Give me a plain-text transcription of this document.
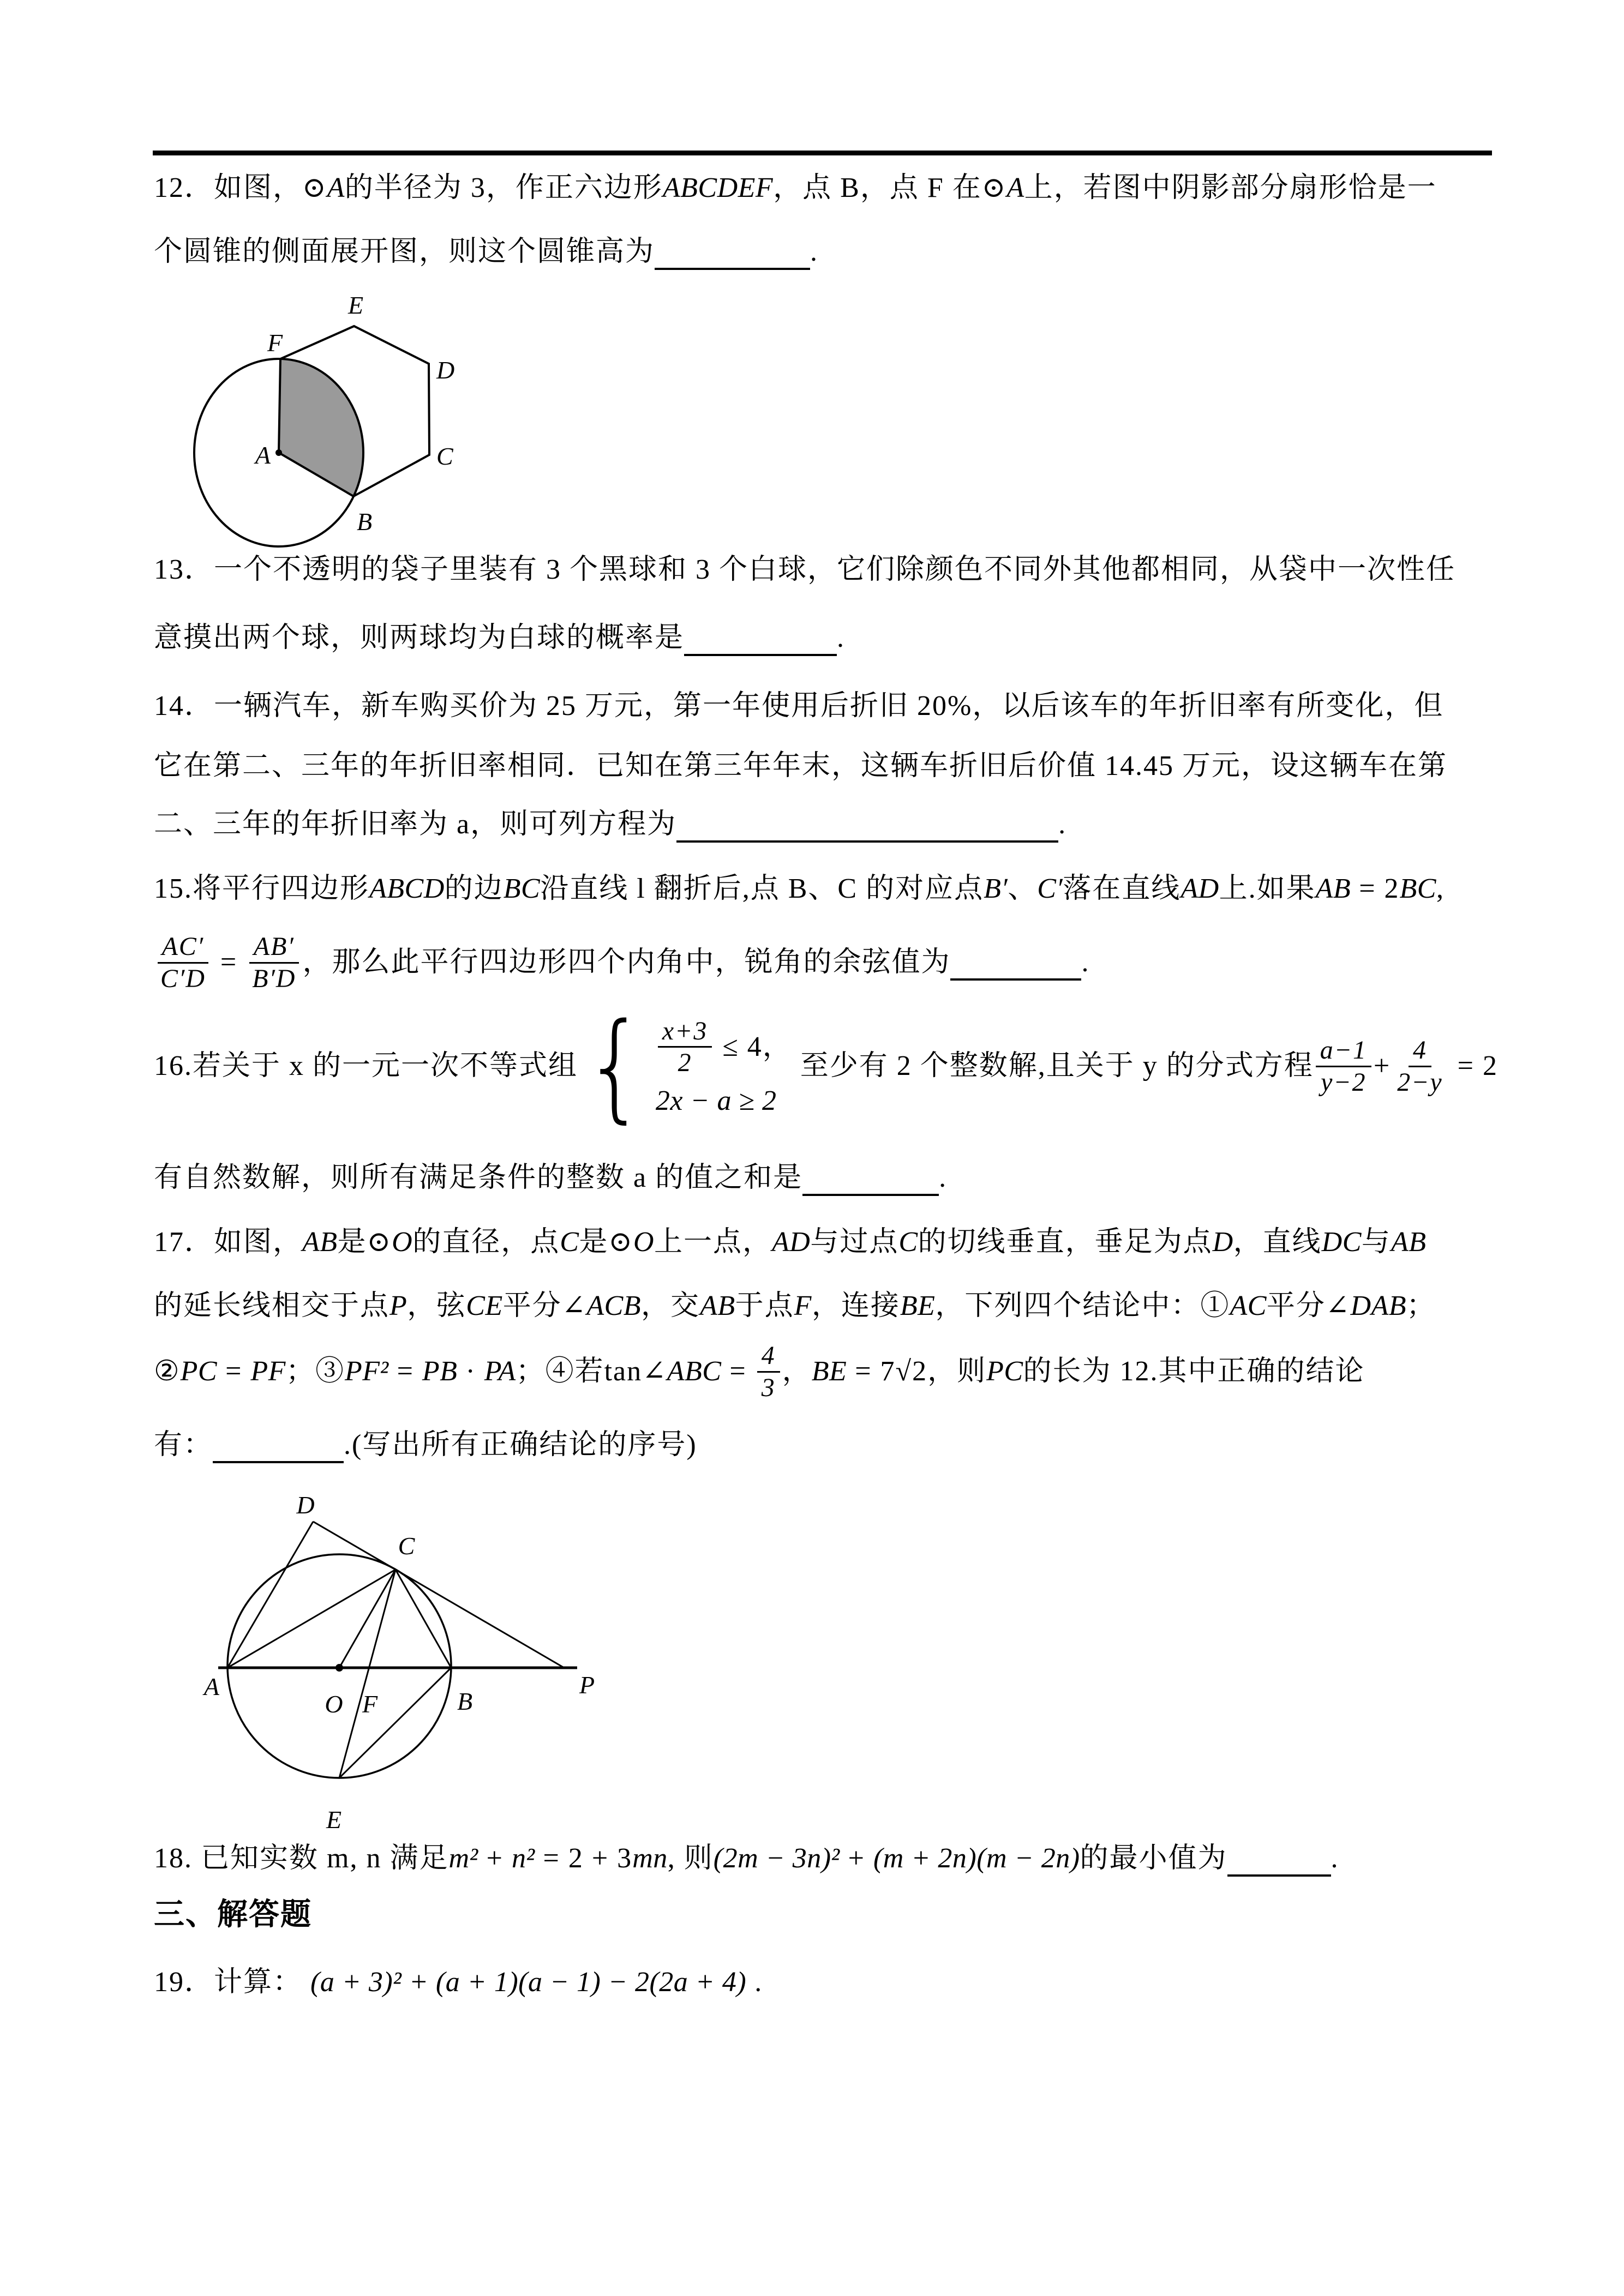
12．如图，⊙ A 的半径为 3，作正六边形 ABCDEF ，点 B，点 F 在⊙ A 上，若图中阴影部分扇形恰是一
个圆锥的侧面展开图，则这个圆锥高为	.
13．一个不透明的袋子里装有 3 个黑球和 3 个白球，它们除颜色不同外其他都相同，从袋中一次性任
意摸出两个球，则两球均为白球的概率是	.
14．一辆汽车，新车购买价为 25 万元，第一年使用后折旧 20%，以后该车的年折旧率有所变化，但
它在第二、三年的年折旧率相同．已知在第三年年末，这辆车折旧后价值 14.45 万元，设这辆车在第
二、三年的年折旧率为 a，则可列方程为	.
15.将平行四边形 ABCD 的边 BC 沿直线 l 翻折后,点 B、C 的对应点 B′ 、 C′ 落在直线 AD 上.如果 AB = 2 BC ,
$\frac{AC'}{C'D} = \frac{AB'}{B'D}$ ，那么此平行四边形四个内角中，锐角的余弦值为	.
16.若关于 x 的一元一次不等式组 { $\frac{x+3}{2} \le 4$，
2x − a ≥ 2
至少有 2 个整数解,且关于 y 的分式方程 $\frac{a-1}{y-2} + \frac{4}{2-y} = 2$
有自然数解，则所有满足条件的整数 a 的值之和是	.
17．如图， AB 是⊙ O 的直径，点 C 是⊙ O 上一点， AD 与过点 C 的切线垂直，垂足为点 D ，直线 DC 与 AB
的延长线相交于点 P ，弦 CE 平分∠ ACB ，交 AB 于点 F ，连接 BE ，下列四个结论中：① AC 平分∠ DAB ；
② PC = PF ；③ PF² = PB · PA ；④若tan∠ ABC = $\frac{4}{3}$ ， BE = 7√2，则 PC 的长为 12.其中正确的结论
有：	.(写出所有正确结论的序号)
18. 已知实数 m, n 满足 m² + n² = 2 + 3 mn , 则 (2m − 3n)² + (m + 2n)(m − 2n) 的最小值为	.
三、解答题
19．计算： (a + 3)² + (a + 1)(a − 1) − 2(2a + 4) .
E
F
D
A	C
B
D
C
A
O F	B
P
E
